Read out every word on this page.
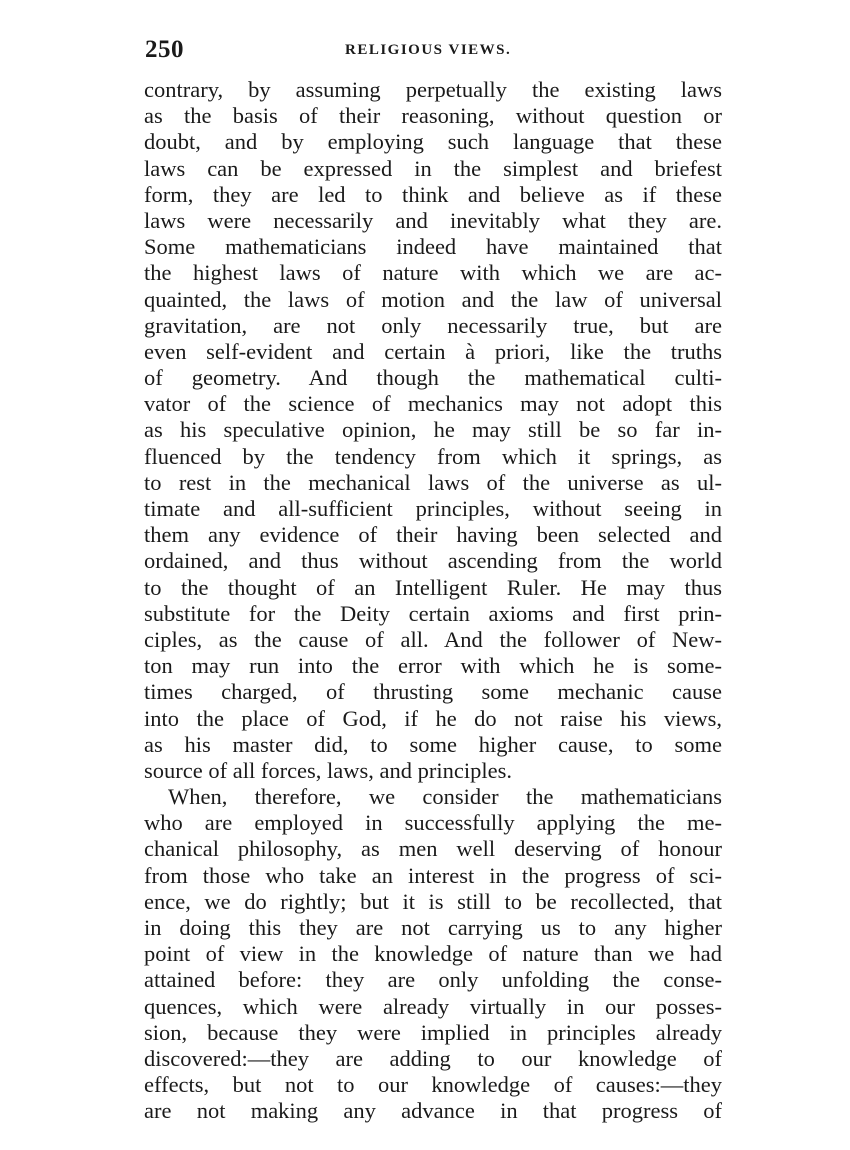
250	RELIGIOUS VIEWS.
contrary, by assuming perpetually the existing laws
as the basis of their reasoning, without question or
doubt, and by employing such language that these
laws can be expressed in the simplest and briefest
form, they are led to think and believe as if these
laws were necessarily and inevitably what they are.
Some mathematicians indeed have maintained that
the highest laws of nature with which we are ac-
quainted, the laws of motion and the law of universal
gravitation, are not only necessarily true, but are
even self-evident and certain à priori, like the truths
of geometry. And though the mathematical culti-
vator of the science of mechanics may not adopt this
as his speculative opinion, he may still be so far in-
fluenced by the tendency from which it springs, as
to rest in the mechanical laws of the universe as ul-
timate and all-sufficient principles, without seeing in
them any evidence of their having been selected and
ordained, and thus without ascending from the world
to the thought of an Intelligent Ruler. He may thus
substitute for the Deity certain axioms and first prin-
ciples, as the cause of all. And the follower of New-
ton may run into the error with which he is some-
times charged, of thrusting some mechanic cause
into the place of God, if he do not raise his views,
as his master did, to some higher cause, to some
source of all forces, laws, and principles.
When, therefore, we consider the mathematicians
who are employed in successfully applying the me-
chanical philosophy, as men well deserving of honour
from those who take an interest in the progress of sci-
ence, we do rightly; but it is still to be recollected, that
in doing this they are not carrying us to any higher
point of view in the knowledge of nature than we had
attained before: they are only unfolding the conse-
quences, which were already virtually in our posses-
sion, because they were implied in principles already
discovered:—they are adding to our knowledge of
effects, but not to our knowledge of causes:—they
are not making any advance in that progress of
